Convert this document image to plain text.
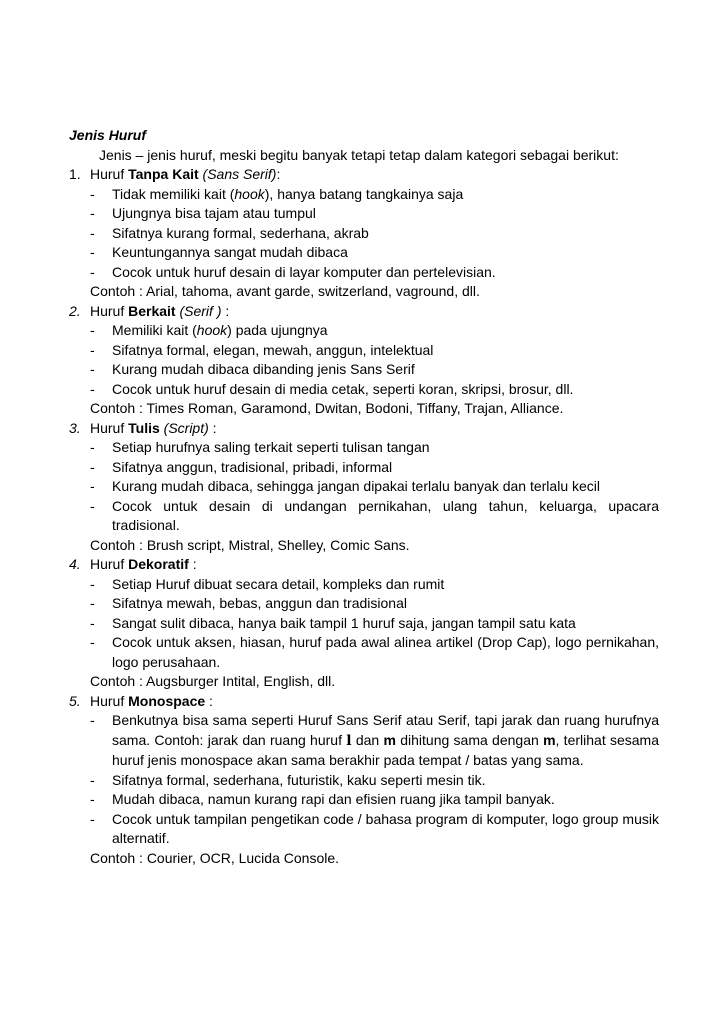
Jenis Huruf
Jenis – jenis huruf, meski begitu banyak tetapi tetap dalam kategori sebagai berikut:
1. Huruf Tanpa Kait (Sans Serif):
- Tidak memiliki kait (hook), hanya batang tangkainya saja
- Ujungnya bisa tajam atau tumpul
- Sifatnya kurang formal, sederhana, akrab
- Keuntungannya sangat mudah dibaca
- Cocok untuk huruf desain di layar komputer dan pertelevisian.
Contoh : Arial, tahoma, avant garde, switzerland, vaground, dll.
2. Huruf Berkait (Serif ) :
- Memiliki kait (hook) pada ujungnya
- Sifatnya formal, elegan, mewah, anggun, intelektual
- Kurang mudah dibaca dibanding jenis Sans Serif
- Cocok untuk huruf desain di media cetak, seperti koran, skripsi, brosur, dll.
Contoh : Times Roman, Garamond, Dwitan, Bodoni, Tiffany, Trajan, Alliance.
3. Huruf Tulis (Script) :
- Setiap hurufnya saling terkait seperti tulisan tangan
- Sifatnya anggun, tradisional, pribadi, informal
- Kurang mudah dibaca, sehingga jangan dipakai terlalu banyak dan terlalu kecil
- Cocok untuk desain di undangan pernikahan, ulang tahun, keluarga, upacara tradisional.
Contoh : Brush script, Mistral, Shelley, Comic Sans.
4. Huruf Dekoratif :
- Setiap Huruf dibuat secara detail, kompleks dan rumit
- Sifatnya mewah, bebas, anggun dan tradisional
- Sangat sulit dibaca, hanya baik tampil 1 huruf saja, jangan tampil satu kata
- Cocok untuk aksen, hiasan, huruf pada awal alinea artikel (Drop Cap), logo pernikahan, logo perusahaan.
Contoh : Augsburger Intital, English, dll.
5. Huruf Monospace :
- Benkutnya bisa sama seperti Huruf Sans Serif atau Serif, tapi jarak dan ruang hurufnya sama. Contoh: jarak dan ruang huruf l dan m dihitung sama dengan m, terlihat sesama huruf jenis monospace akan sama berakhir pada tempat / batas yang sama.
- Sifatnya formal, sederhana, futuristik, kaku seperti mesin tik.
- Mudah dibaca, namun kurang rapi dan efisien ruang jika tampil banyak.
- Cocok untuk tampilan pengetikan code / bahasa program di komputer, logo group musik alternatif.
Contoh : Courier, OCR, Lucida Console.
